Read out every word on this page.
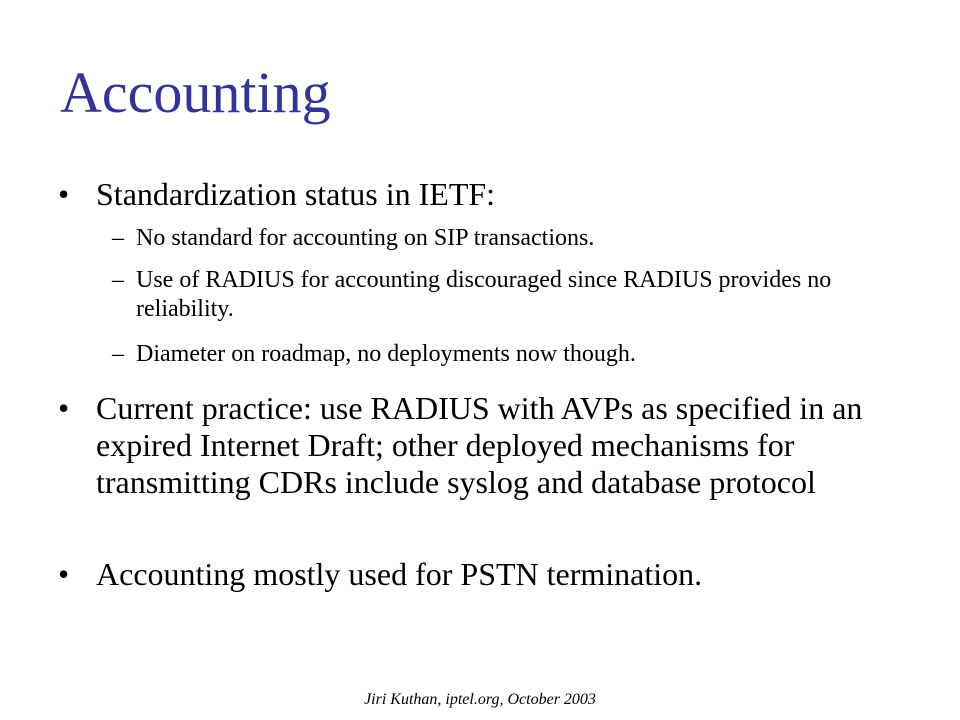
Accounting
• Standardization status in IETF:
– No standard for accounting on SIP transactions.
– Use of RADIUS for accounting discouraged since RADIUS provides no reliability.
– Diameter on roadmap, no deployments now though.
• Current practice: use RADIUS with AVPs as specified in an expired Internet Draft; other deployed mechanisms for transmitting CDRs include syslog and database protocol
• Accounting mostly used for PSTN termination.
Jiri Kuthan, iptel.org, October 2003
